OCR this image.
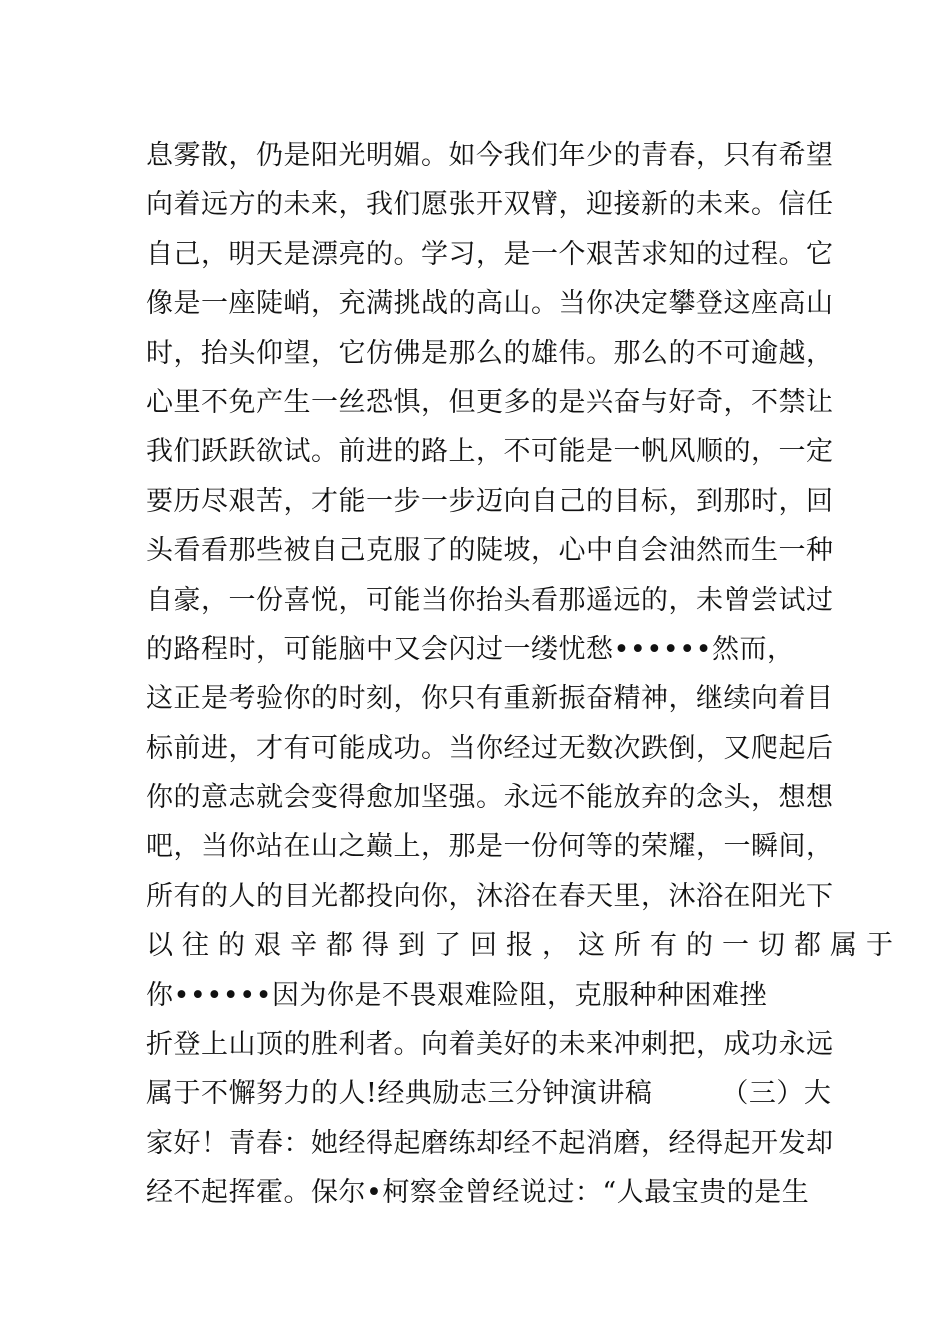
息雾散，仍是阳光明媚。如今我们年少的青春，只有希望
向着远方的未来，我们愿张开双臂，迎接新的未来。信任
自己，明天是漂亮的。学习，是一个艰苦求知的过程。它
像是一座陡峭，充满挑战的高山。当你决定攀登这座高山
时，抬头仰望，它仿佛是那么的雄伟。那么的不可逾越，
心里不免产生一丝恐惧，但更多的是兴奋与好奇，不禁让
我们跃跃欲试。前进的路上，不可能是一帆风顺的，一定
要历尽艰苦，才能一步一步迈向自己的目标，到那时，回
头看看那些被自己克服了的陡坡，心中自会油然而生一种
自豪，一份喜悦，可能当你抬头看那遥远的，未曾尝试过
的路程时，可能脑中又会闪过一缕忧愁••••••然而，
这正是考验你的时刻，你只有重新振奋精神，继续向着目
标前进，才有可能成功。当你经过无数次跌倒，又爬起后
你的意志就会变得愈加坚强。永远不能放弃的念头，想想
吧，当你站在山之巅上，那是一份何等的荣耀，一瞬间，
所有的人的目光都投向你，沐浴在春天里，沐浴在阳光下
以往的艰辛都得到了回报，这所有的一切都属于
你••••••因为你是不畏艰难险阻，克服种种困难挫
折登上山顶的胜利者。向着美好的未来冲刺把，成功永远
属于不懈努力的人!经典励志三分钟演讲稿　　　（三）大
家好！青春：她经得起磨练却经不起消磨，经得起开发却
经不起挥霍。保尔•柯察金曾经说过：“人最宝贵的是生
